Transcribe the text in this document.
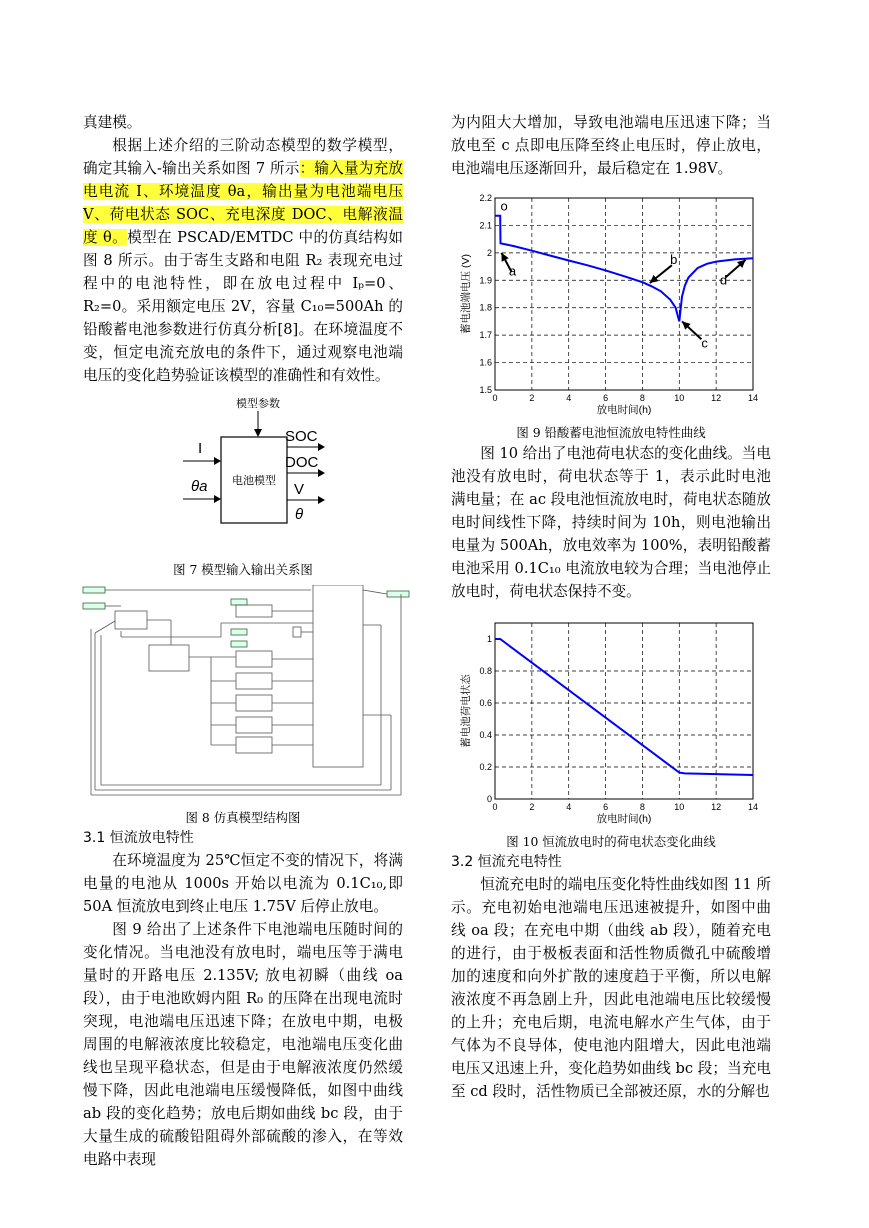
真建模。

根据上述介绍的三阶动态模型的数学模型，确定其输入-输出关系如图 7 所示：输入量为充放电电流 I、环境温度 θa，输出量为电池端电压 V、荷电状态 SOC、充电深度 DOC、电解液温度 θ。模型在 PSCAD/EMTDC 中的仿真结构如图 8 所示。由于寄生支路和电阻 R₂ 表现充电过程中的电池特性，即在放电过程中 Iₚ=0、R₂=0。采用额定电压 2V，容量 C₁₀=500Ah 的铅酸蓄电池参数进行仿真分析[8]。在环境温度不变，恒定电流充放电的条件下，通过观察电池端电压的变化趋势验证该模型的准确性和有效性。

模型参数
电池模型
I
θa
SOC
DOC
V
θ

图 7 模型输入输出关系图

图 8 仿真模型结构图

3.1 恒流放电特性

在环境温度为 25℃恒定不变的情况下，将满电量的电池从 1000s 开始以电流为 0.1C₁₀,即 50A 恒流放电到终止电压 1.75V 后停止放电。

图 9 给出了上述条件下电池端电压随时间的变化情况。当电池没有放电时，端电压等于满电量时的开路电压 2.135V; 放电初瞬（曲线 oa 段），由于电池欧姆内阻 R₀ 的压降在出现电流时突现，电池端电压迅速下降；在放电中期，电极周围的电解液浓度比较稳定，电池端电压变化曲线也呈现平稳状态，但是由于电解液浓度仍然缓慢下降，因此电池端电压缓慢降低，如图中曲线 ab 段的变化趋势；放电后期如曲线 bc 段，由于大量生成的硫酸铅阻碍外部硫酸的渗入，在等效电路中表现

为内阻大大增加，导致电池端电压迅速下降；当放电至 c 点即电压降至终止电压时，停止放电，电池端电压逐渐回升，最后稳定在 1.98V。

0	2	4	6	8	10	12	14
1.5
1.6
1.7
1.8
1.9
2
2.1
2.2
放电时间(h)
蓄电池端电压 (V)
o
a
b
c
d

图 9 铅酸蓄电池恒流放电特性曲线

图 10 给出了电池荷电状态的变化曲线。当电池没有放电时，荷电状态等于 1，表示此时电池满电量；在 ac 段电池恒流放电时，荷电状态随放电时间线性下降，持续时间为 10h，则电池输出电量为 500Ah，放电效率为 100%，表明铅酸蓄电池采用 0.1C₁₀ 电流放电较为合理；当电池停止放电时，荷电状态保持不变。

0	2	4	6	8	10	12	14
0
0.2
0.4
0.6
0.8
1
放电时间(h)
蓄电池荷电状态

图 10 恒流放电时的荷电状态变化曲线

3.2 恒流充电特性

恒流充电时的端电压变化特性曲线如图 11 所示。充电初始电池端电压迅速被提升，如图中曲线 oa 段；在充电中期（曲线 ab 段），随着充电的进行，由于极板表面和活性物质微孔中硫酸增加的速度和向外扩散的速度趋于平衡，所以电解液浓度不再急剧上升，因此电池端电压比较缓慢的上升；充电后期，电流电解水产生气体，由于气体为不良导体，使电池内阻增大，因此电池端电压又迅速上升，变化趋势如曲线 bc 段；当充电至 cd 段时，活性物质已全部被还原，水的分解也
